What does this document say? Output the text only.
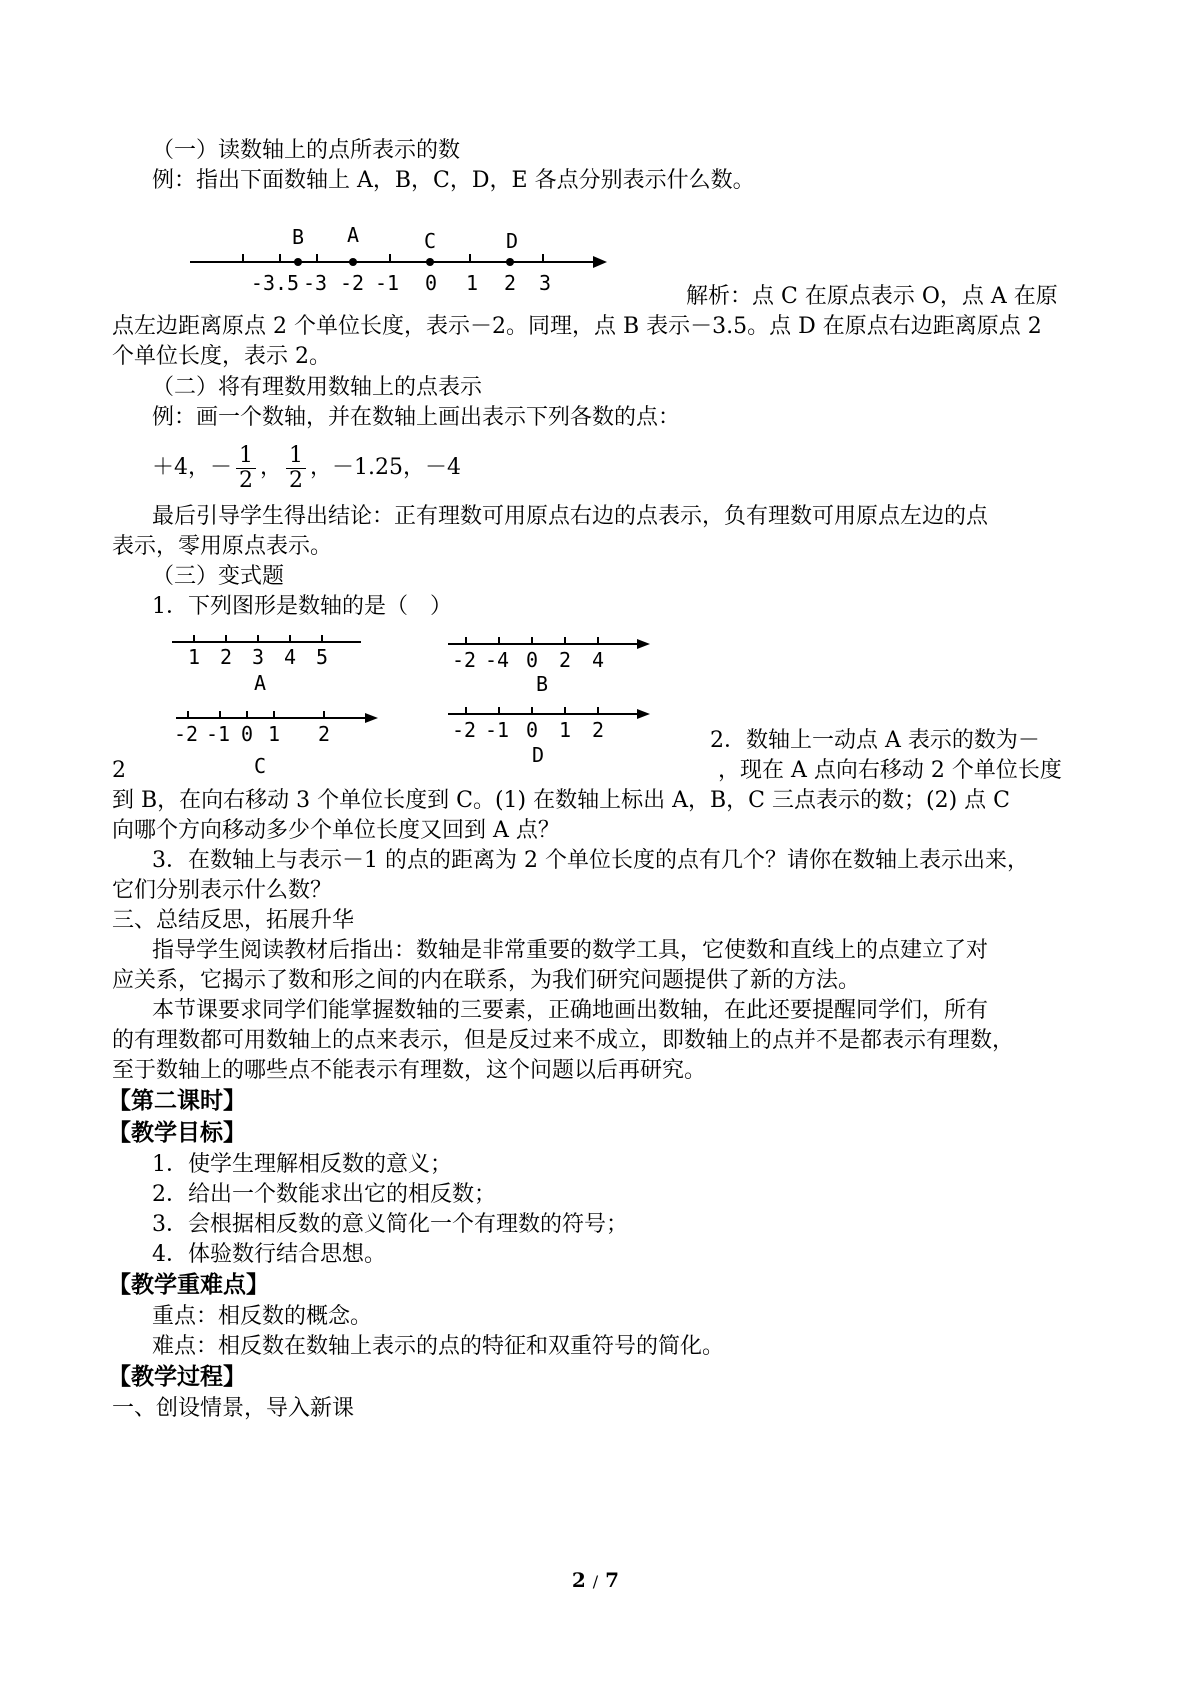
（一）读数轴上的点所表示的数
例：指出下面数轴上 A，B，C，D，E 各点分别表示什么数。
B A	C	D
-3.5 -3 -2 -1 0 1 2 3
解析：点 C 在原点表示 O，点 A 在原
点左边距离原点 2 个单位长度，表示－2。同理，点 B 表示－3.5。点 D 在原点右边距离原点 2
个单位长度，表示 2。
（二）将有理数用数轴上的点表示
例：画一个数轴，并在数轴上画出表示下列各数的点：
＋4，－ $\frac{1}{2}$ ， $\frac{1}{2}$ ，－1.25，－4
最后引导学生得出结论：正有理数可用原点右边的点表示，负有理数可用原点左边的点
表示，零用原点表示。
（三）变式题
1．下列图形是数轴的是（　）
1 2 3 4 5
A
-2 -4 0 2 4
B
-2 -1 0 1 2
C
-2 -1 0 1 2
D
2．数轴上一动点 A 表示的数为－
2	，现在 A 点向右移动 2 个单位长度
到 B，在向右移动 3 个单位长度到 C。(1) 在数轴上标出 A，B，C 三点表示的数；(2) 点 C
向哪个方向移动多少个单位长度又回到 A 点？
3．在数轴上与表示－1 的点的距离为 2 个单位长度的点有几个？请你在数轴上表示出来，
它们分别表示什么数？
三、总结反思，拓展升华
指导学生阅读教材后指出：数轴是非常重要的数学工具，它使数和直线上的点建立了对
应关系，它揭示了数和形之间的内在联系，为我们研究问题提供了新的方法。
本节课要求同学们能掌握数轴的三要素，正确地画出数轴，在此还要提醒同学们，所有
的有理数都可用数轴上的点来表示，但是反过来不成立，即数轴上的点并不是都表示有理数，
至于数轴上的哪些点不能表示有理数，这个问题以后再研究。
【第二课时】
【教学目标】
1．使学生理解相反数的意义；
2．给出一个数能求出它的相反数；
3．会根据相反数的意义简化一个有理数的符号；
4．体验数行结合思想。
【教学重难点】
重点：相反数的概念。
难点：相反数在数轴上表示的点的特征和双重符号的简化。
【教学过程】
一、创设情景，导入新课
2 / 7
